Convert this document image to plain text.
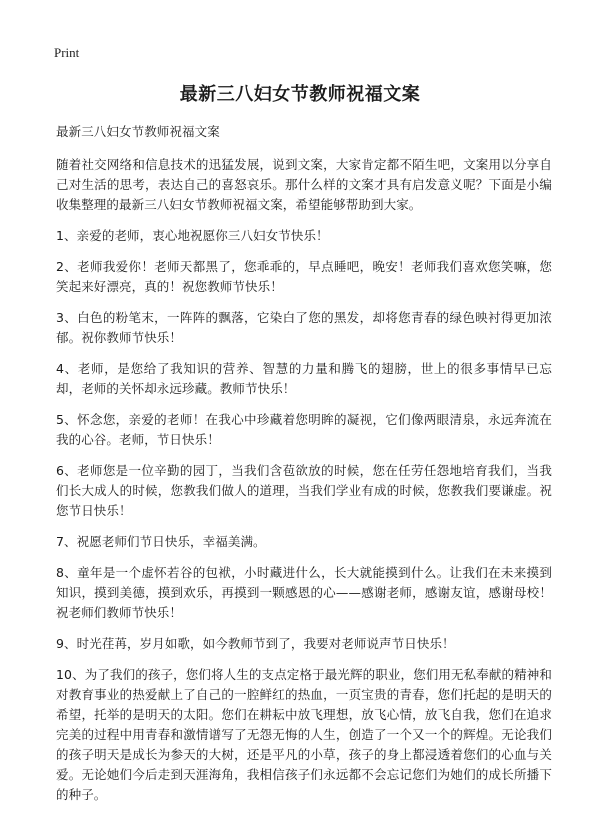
Print
最新三八妇女节教师祝福文案

最新三八妇女节教师祝福文案

随着社交网络和信息技术的迅猛发展，说到文案，大家肯定都不陌生吧，文案用以分享自己对生活的思考，表达自己的喜怒哀乐。那什么样的文案才具有启发意义呢？下面是小编收集整理的最新三八妇女节教师祝福文案，希望能够帮助到大家。

1、亲爱的老师，衷心地祝愿你三八妇女节快乐！

2、老师我爱你！老师天都黑了，您乖乖的，早点睡吧，晚安！老师我们喜欢您笑嘛，您笑起来好漂亮，真的！祝您教师节快乐！

3、白色的粉笔末，一阵阵的飘落，它染白了您的黑发，却将您青春的绿色映衬得更加浓郁。祝你教师节快乐！

4、老师，是您给了我知识的营养、智慧的力量和腾飞的翅膀，世上的很多事情早已忘却，老师的关怀却永远珍藏。教师节快乐！

5、怀念您，亲爱的老师！在我心中珍藏着您明眸的凝视，它们像两眼清泉，永远奔流在我的心谷。老师，节日快乐！

6、老师您是一位辛勤的园丁，当我们含苞欲放的时候，您在任劳任怨地培育我们，当我们长大成人的时候，您教我们做人的道理，当我们学业有成的时候，您教我们要谦虚。祝您节日快乐！

7、祝愿老师们节日快乐，幸福美满。

8、童年是一个虚怀若谷的包袱，小时藏进什么，长大就能摸到什么。让我们在未来摸到知识，摸到美德，摸到欢乐，再摸到一颗感恩的心——感谢老师，感谢友谊，感谢母校！祝老师们教师节快乐！

9、时光荏苒，岁月如歌，如今教师节到了，我要对老师说声节日快乐！

10、为了我们的孩子，您们将人生的支点定格于最光辉的职业，您们用无私奉献的精神和对教育事业的热爱献上了自己的一腔鲜红的热血，一页宝贵的青春，您们托起的是明天的希望，托举的是明天的太阳。您们在耕耘中放飞理想，放飞心情，放飞自我，您们在追求完美的过程中用青春和激情谱写了无怨无悔的人生，创造了一个又一个的辉煌。无论我们的孩子明天是成长为参天的大树，还是平凡的小草，孩子的身上都浸透着您们的心血与关爱。无论她们今后走到天涯海角，我相信孩子们永远都不会忘记您们为她们的成长所播下的种子。
